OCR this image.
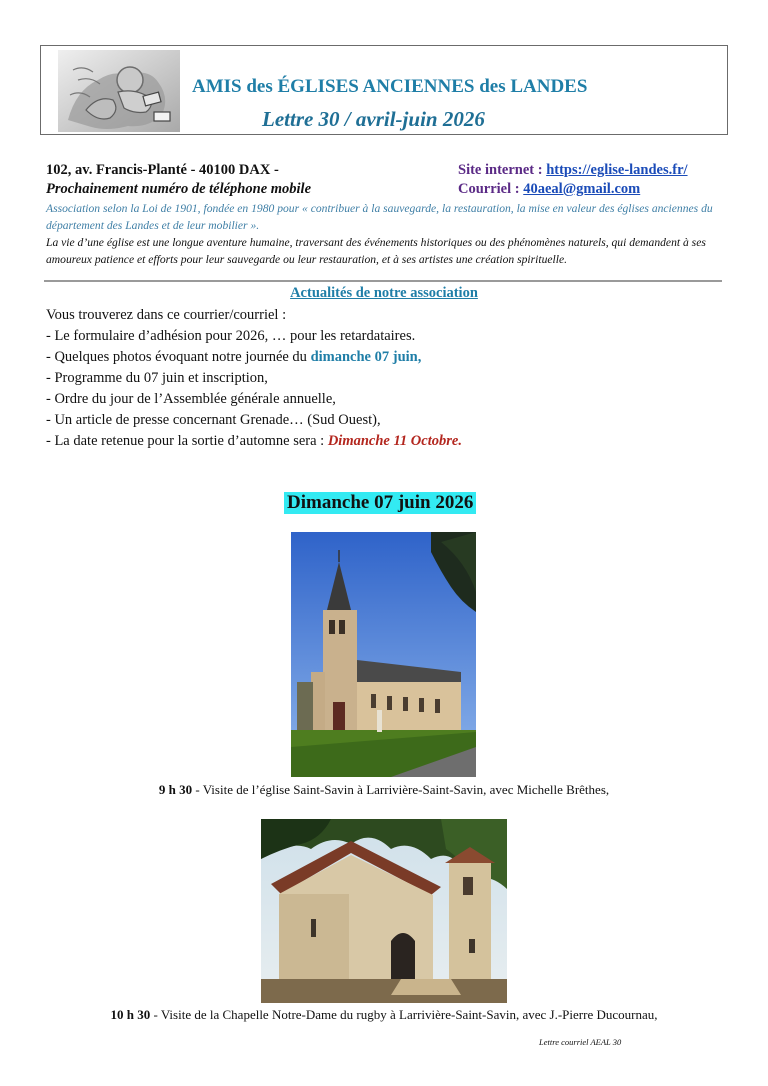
AMIS des ÉGLISES ANCIENNES des LANDES
Lettre 30 / avril-juin 2026
102, av. Francis-Planté - 40100 DAX -
Prochainement numéro de téléphone mobile
Site internet : https://eglise-landes.fr/
Courriel : 40aeal@gmail.com
Association selon la Loi de 1901, fondée en 1980 pour « contribuer à la sauvegarde, la restauration, la mise en valeur des églises anciennes du département des Landes et de leur mobilier ».
La vie d’une église est une longue aventure humaine, traversant des événements historiques ou des phénomènes naturels, qui demandent à ses amoureux patience et efforts pour leur sauvegarde ou leur restauration, et à ses artistes une création spirituelle.
Actualités de notre association
Vous trouverez dans ce courrier/courriel :
- Le formulaire d’adhésion pour 2026, … pour les retardataires.
- Quelques photos évoquant notre journée du dimanche 07 juin,
- Programme du 07 juin et inscription,
- Ordre du jour de l’Assemblée générale annuelle,
- Un article de presse concernant Grenade… (Sud Ouest),
- La date retenue pour la sortie d’automne sera : Dimanche 11 Octobre.
Dimanche 07 juin 2026
9 h 30 - Visite de l’église Saint-Savin à Larrivière-Saint-Savin, avec Michelle Brêthes,
10 h 30 - Visite de la Chapelle Notre-Dame du rugby à Larrivière-Saint-Savin, avec J.-Pierre Ducournau,
Lettre courriel AEAL 30
